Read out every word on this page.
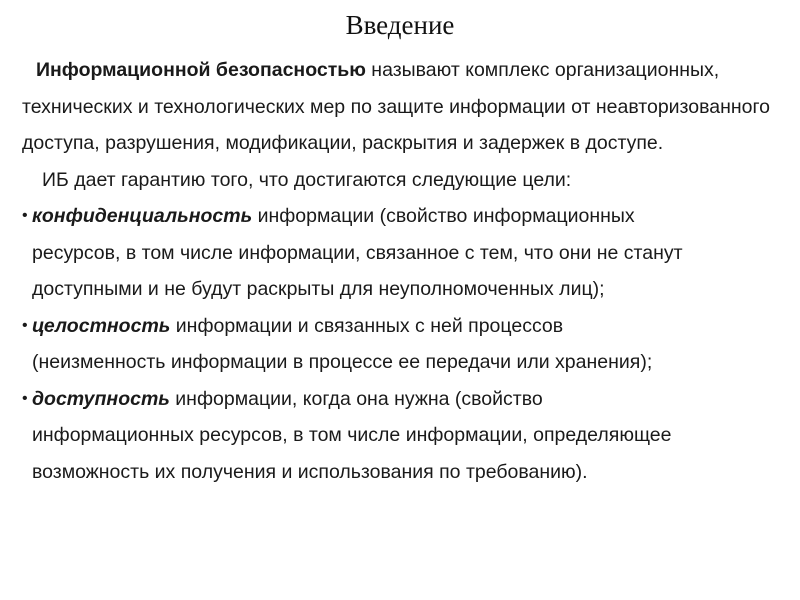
Введение
Информационной безопасностью называют комплекс организационных, технических и технологических мер по защите информации от неавторизованного доступа, разрушения, модификации, раскрытия и задержек в доступе.
ИБ дает гарантию того, что достигаются следующие цели:
• конфиденциальность информации (свойство информационных
ресурсов, в том числе информации, связанное с тем, что они не станут доступными и не будут раскрыты для неуполномоченных лиц);
• целостность информации и связанных с ней процессов
(неизменность информации в процессе ее передачи или хранения);
• доступность информации, когда она нужна (свойство
информационных ресурсов, в том числе информации, определяющее возможность их получения и использования по требованию).
